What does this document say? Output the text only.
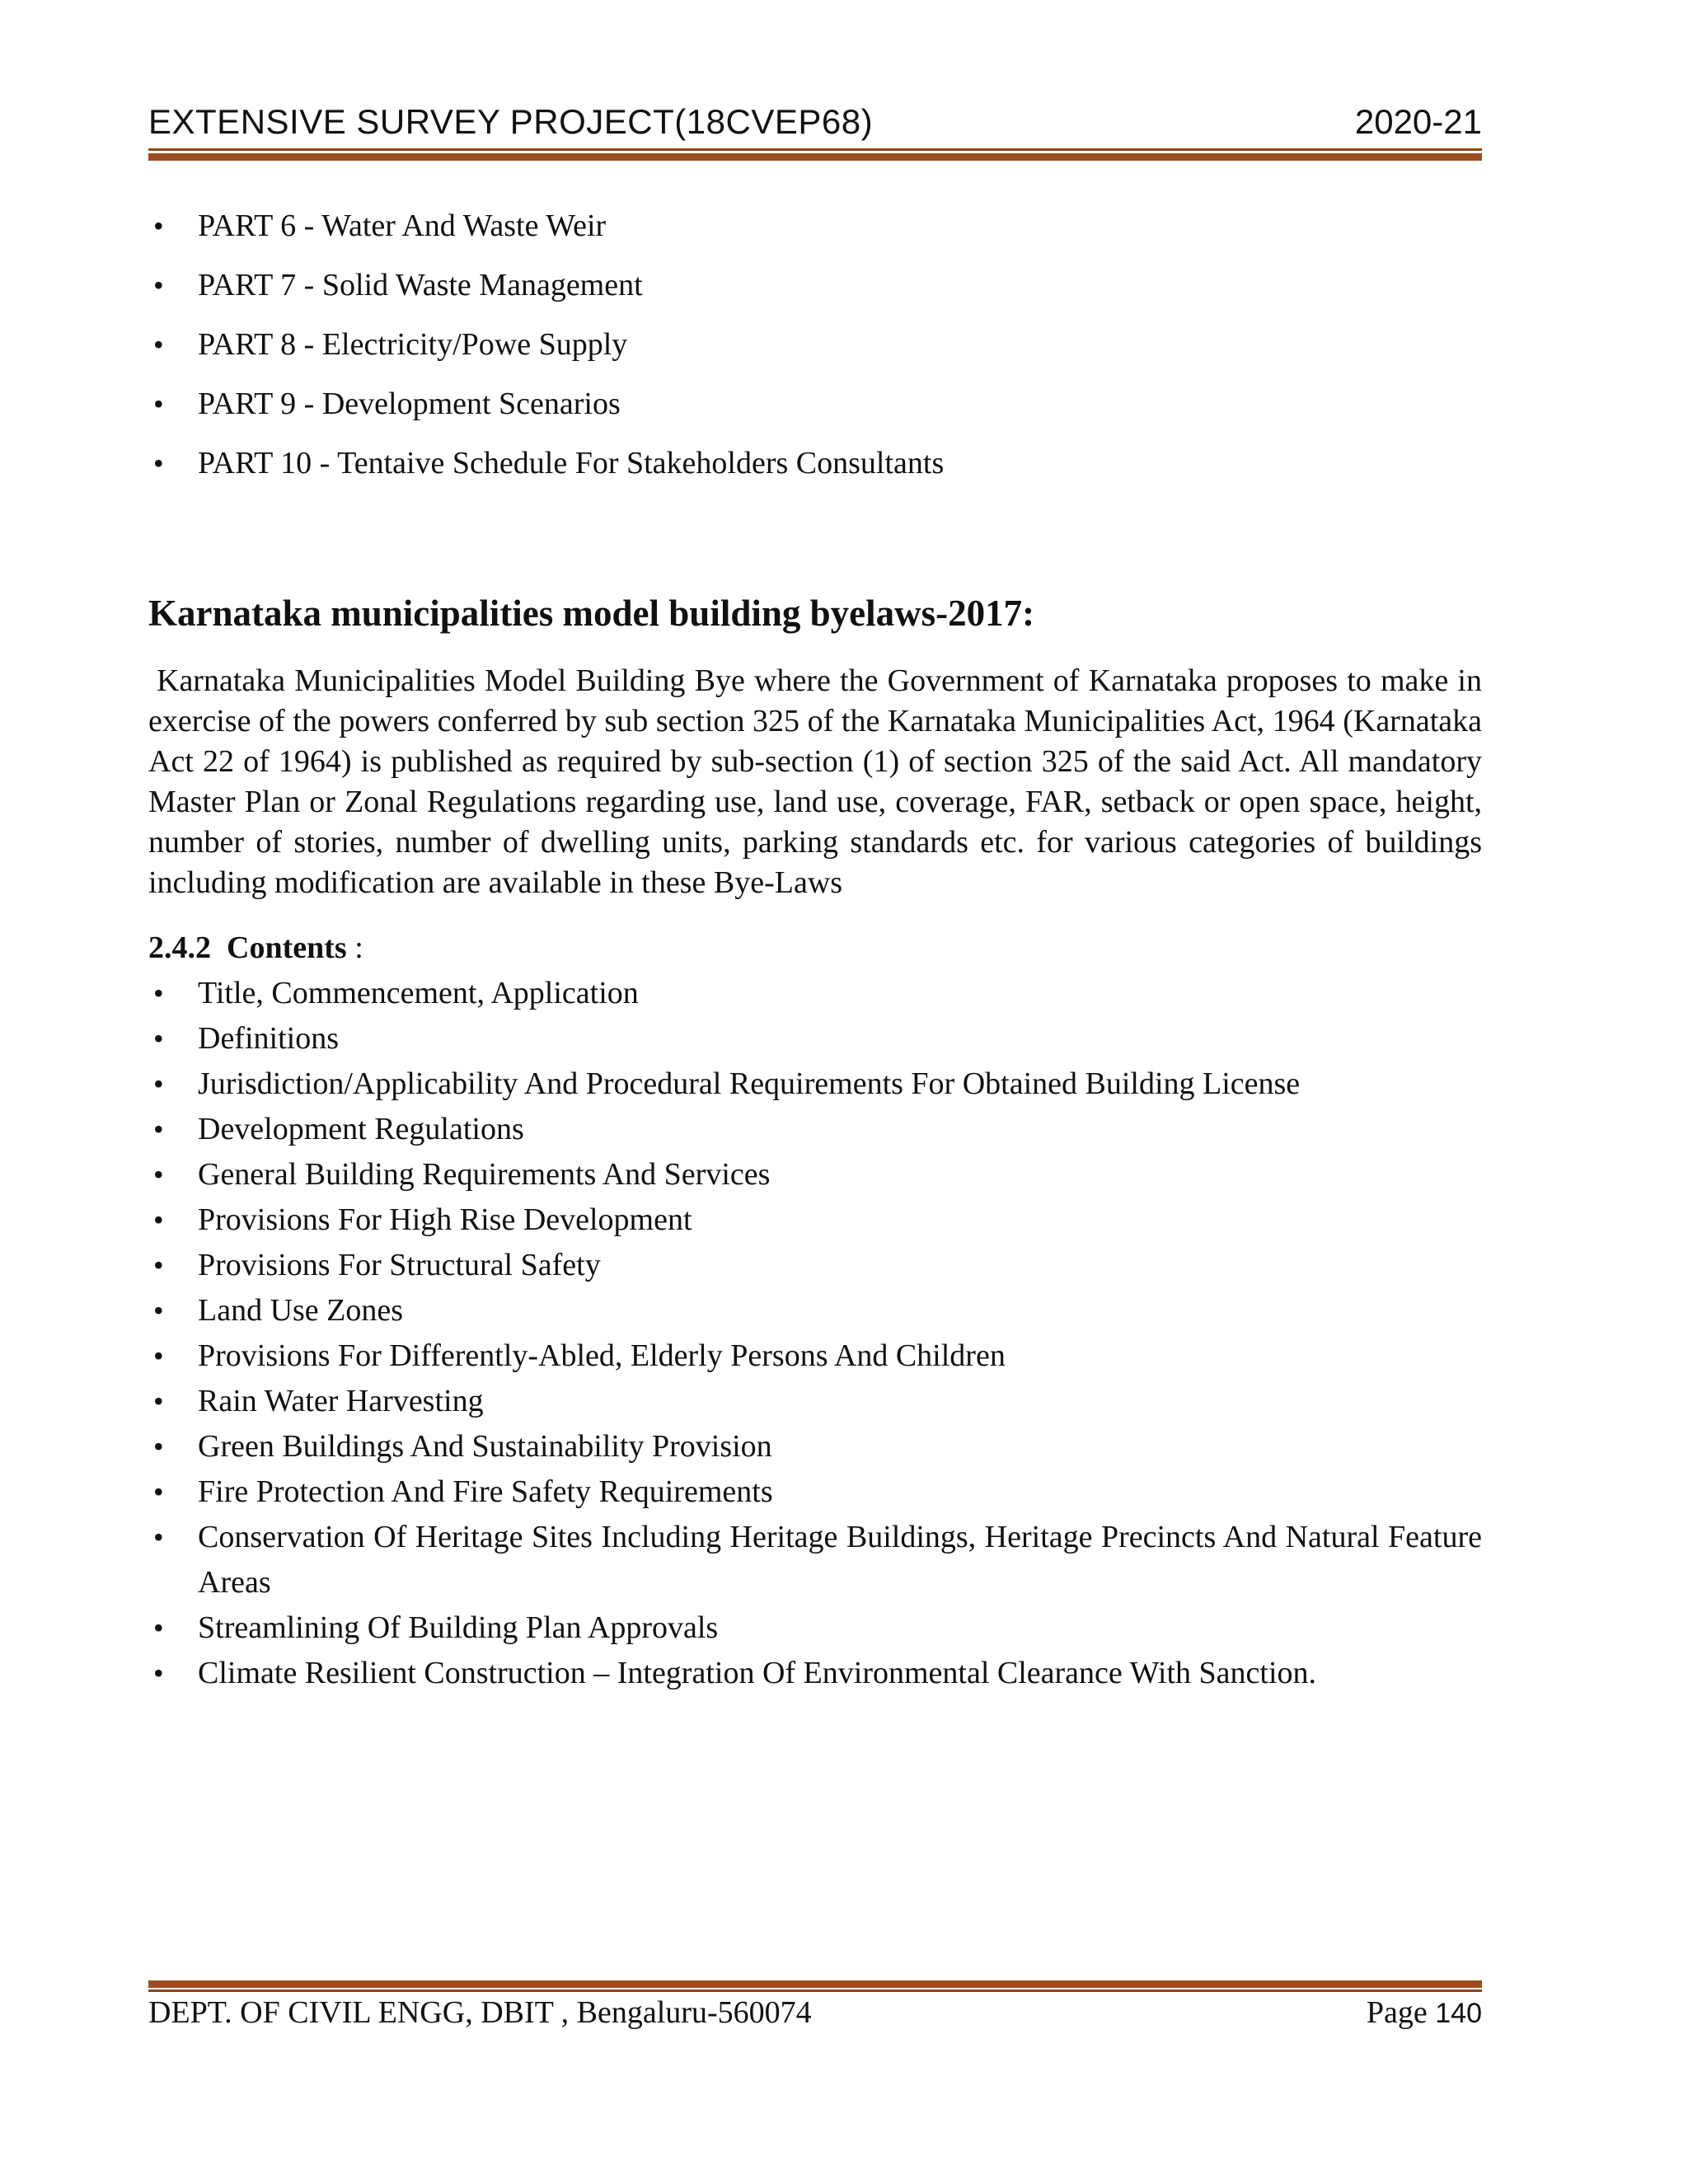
EXTENSIVE SURVEY PROJECT(18CVEP68)	2020-21
• PART 6 - Water And Waste Weir
• PART 7 - Solid Waste Management
• PART 8 - Electricity/Powe Supply
• PART 9 - Development Scenarios
• PART 10 - Tentaive Schedule For Stakeholders Consultants
Karnataka municipalities model building byelaws-2017:

Karnataka Municipalities Model Building Bye where the Government of Karnataka proposes to make in exercise of the powers conferred by sub section 325 of the Karnataka Municipalities Act, 1964 (Karnataka Act 22 of 1964) is published as required by sub-section (1) of section 325 of the said Act. All mandatory Master Plan or Zonal Regulations regarding use, land use, coverage, FAR, setback or open space, height, number of stories, number of dwelling units, parking standards etc. for various categories of buildings including modification are available in these Bye-Laws

2.4.2 Contents :
• Title, Commencement, Application
• Definitions
• Jurisdiction/Applicability And Procedural Requirements For Obtained Building License
• Development Regulations
• General Building Requirements And Services
• Provisions For High Rise Development
• Provisions For Structural Safety
• Land Use Zones
• Provisions For Differently-Abled, Elderly Persons And Children
• Rain Water Harvesting
• Green Buildings And Sustainability Provision
• Fire Protection And Fire Safety Requirements
• Conservation Of Heritage Sites Including Heritage Buildings, Heritage Precincts And Natural Feature Areas
• Streamlining Of Building Plan Approvals
• Climate Resilient Construction – Integration Of Environmental Clearance With Sanction.
DEPT. OF CIVIL ENGG, DBIT , Bengaluru-560074	Page 140
